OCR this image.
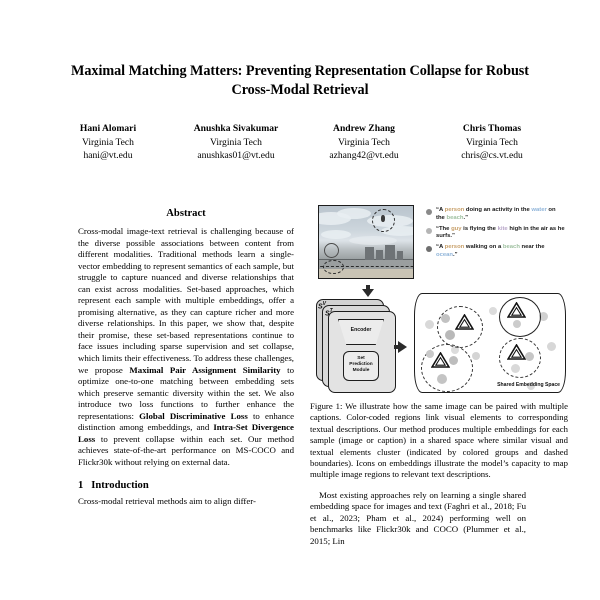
Maximal Matching Matters: Preventing Representation Collapse for Robust Cross-Modal Retrieval
Hani Alomari
Virginia Tech
hani@vt.edu
Anushka Sivakumar
Virginia Tech
anushkas01@vt.edu
Andrew Zhang
Virginia Tech
azhang42@vt.edu
Chris Thomas
Virginia Tech
chris@cs.vt.edu
Abstract
Cross-modal image-text retrieval is challenging because of the diverse possible associations between content from different modalities. Traditional methods learn a single-vector embedding to represent semantics of each sample, but struggle to capture nuanced and diverse relationships that can exist across modalities. Set-based approaches, which represent each sample with multiple embeddings, offer a promising alternative, as they can capture richer and more diverse relationships. In this paper, we show that, despite their promise, these set-based representations continue to face issues including sparse supervision and set collapse, which limits their effectiveness. To address these challenges, we propose Maximal Pair Assignment Similarity to optimize one-to-one matching between embedding sets which preserve semantic diversity within the set. We also introduce two loss functions to further enhance the representations: Global Discriminative Loss to enhance distinction among embeddings, and Intra-Set Divergence Loss to prevent collapse within each set. Our method achieves state-of-the-art performance on MS-COCO and Flickr30k without relying on external data.
1 Introduction
Cross-modal retrieval methods aim to align differ-
“A person doing an activity in the water on the beach.”
“The guy is flying the kite high in the air as he surfs.”
“A person walking on a beach near the ocean.”
$S^V$
$S^T$
Encoder
Set
Prediction
Module
Shared Embedding Space
Figure 1: We illustrate how the same image can be paired with multiple captions. Color-coded regions link visual elements to corresponding textual descriptions. Our method produces multiple embeddings for each sample (image or caption) in a shared space where similar visual and textual elements cluster (indicated by colored groups and dashed boundaries). Icons on embeddings illustrate the model’s capacity to map multiple image regions to relevant text descriptions.
Most existing approaches rely on learning a single shared embedding space for images and text (Faghri et al., 2018; Fu et al., 2023; Pham et al., 2024) performing well on benchmarks like Flickr30k and COCO (Plummer et al., 2015; Lin
